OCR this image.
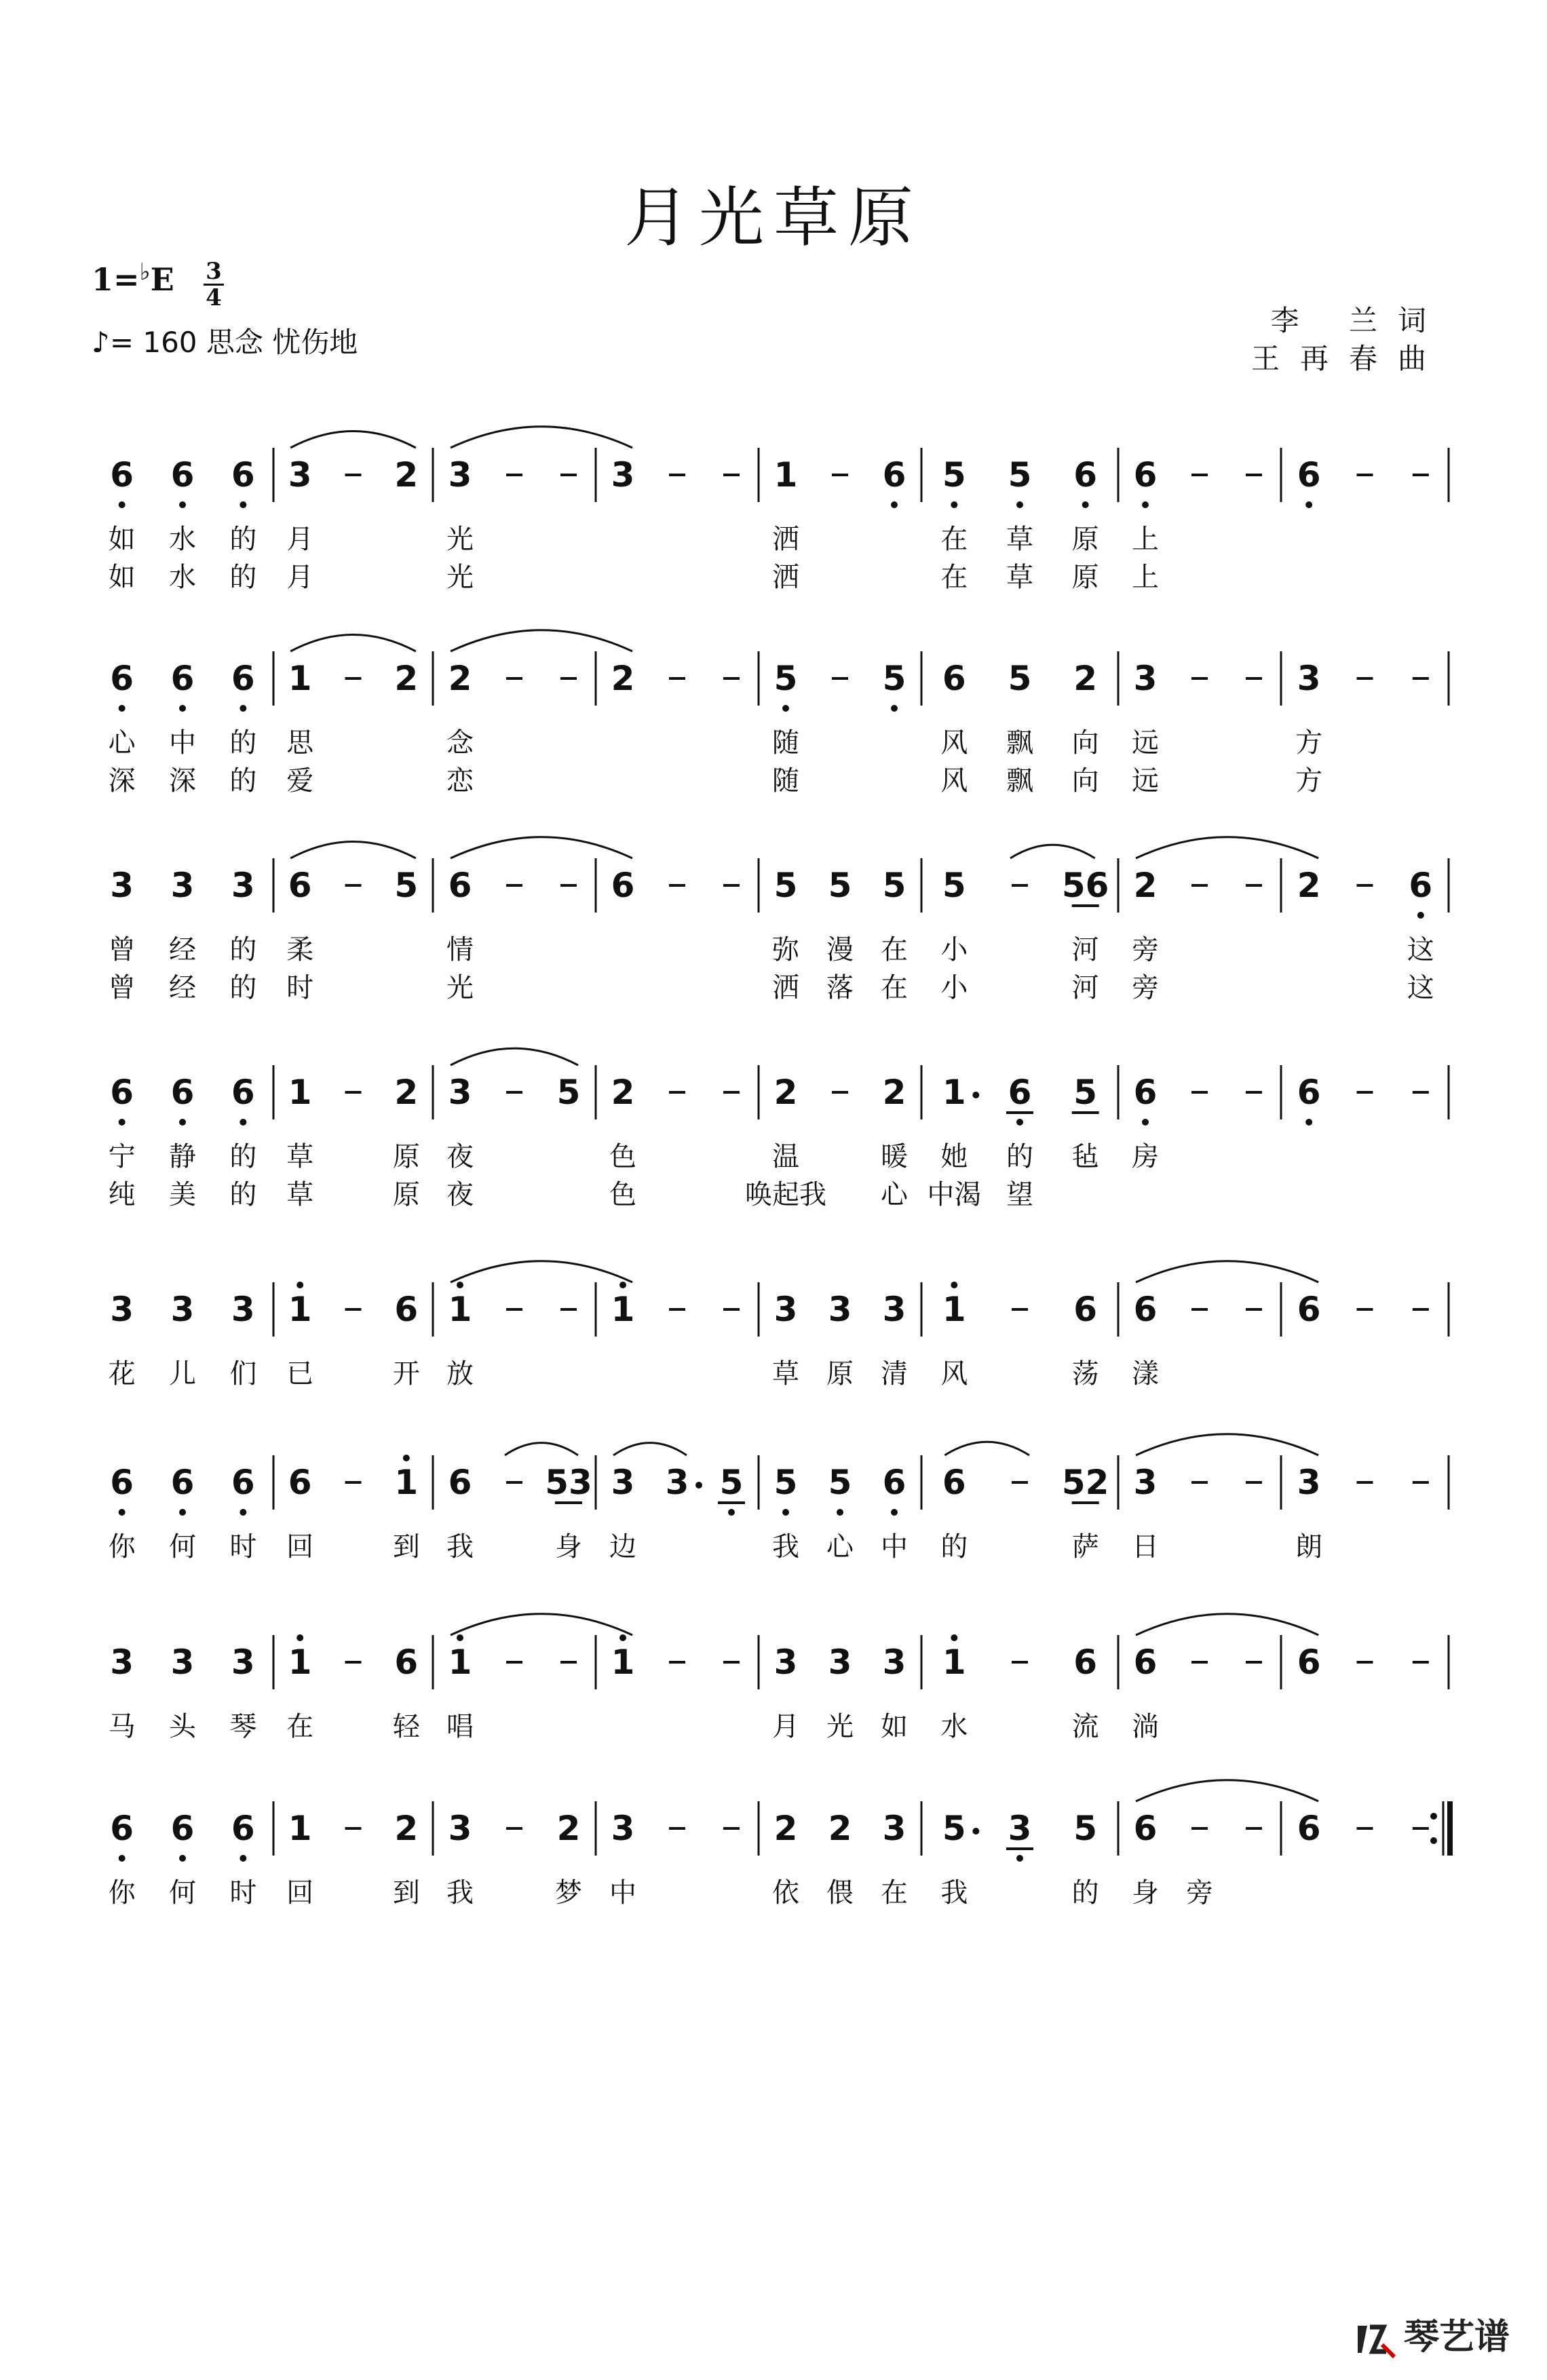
月光草原
$1=^♭E \frac{3}{4}$
♪= 160 思念 忧伤地
李 兰词
王再春曲
6 6 6 3 2 3	3	1	6 5 5 6 6	6
如 水 的 月	光	洒	在 草 原 上
如 水 的 月	光	洒	在 草 原 上
6 6 6 1 2 2	2	5	5 6 5 2 3	3
心 中 的 思	念	随	风 飘 向 远	方
深 深 的 爱	恋	随	风 飘 向 远	方
3 3 3 6 5 6	6	5 5 5 5	56 2	2	6
曾 经 的 柔	情	弥 漫 在 小	河 旁	这
曾 经 的 时	光	洒 落 在 小	河 旁	这
6 6 6 1 2 3	5 2	2	2 1 6 5 6	6
宁 静 的 草	原 夜	色	温	暖 她 的 毡 房
纯 美 的 草	原 夜	色	唤起我 心 中渴 望
3 3 3 1 6 1	1	3 3 3 1	6 6	6
花 儿 们 已	开 放	草 原 清 风	荡 漾
6 6 6 6 1 6 53 3 3 5 5 5 6 6	52 3	3
你 何 时 回	到 我	身 边	我 心 中 的	萨 日	朗
3 3 3 1 6 1	1	3 3 3 1	6 6	6
马 头 琴 在	轻 唱	月 光 如 水	流 淌
6 6 6 1 2 3	2 3	2 2 3 5 3 5 6	6
你 何 时 回	到 我	梦 中	依 偎 在 我	的 身 旁
琴艺谱
